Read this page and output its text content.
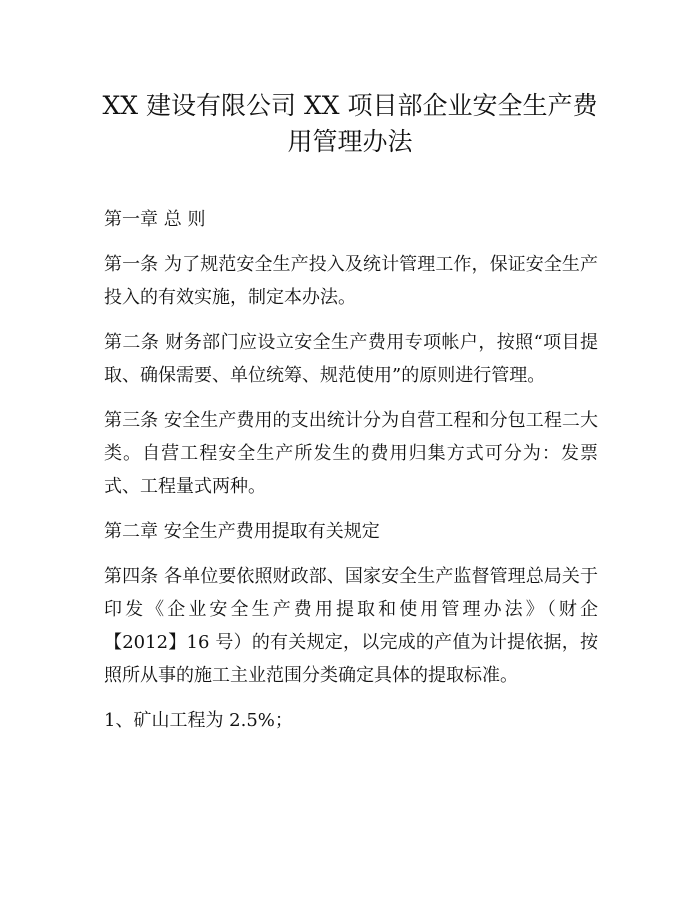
XX 建设有限公司 XX 项目部企业安全生产费用管理办法

第一章 总 则

第一条 为了规范安全生产投入及统计管理工作，保证安全生产投入的有效实施，制定本办法。

第二条 财务部门应设立安全生产费用专项帐户，按照“项目提取、确保需要、单位统筹、规范使用”的原则进行管理。

第三条 安全生产费用的支出统计分为自营工程和分包工程二大类。自营工程安全生产所发生的费用归集方式可分为：发票式、工程量式两种。

第二章 安全生产费用提取有关规定

第四条 各单位要依照财政部、国家安全生产监督管理总局关于印发《企业安全生产费用提取和使用管理办法》（财企【2012】16 号）的有关规定，以完成的产值为计提依据，按照所从事的施工主业范围分类确定具体的提取标准。

1、矿山工程为 2.5%；
